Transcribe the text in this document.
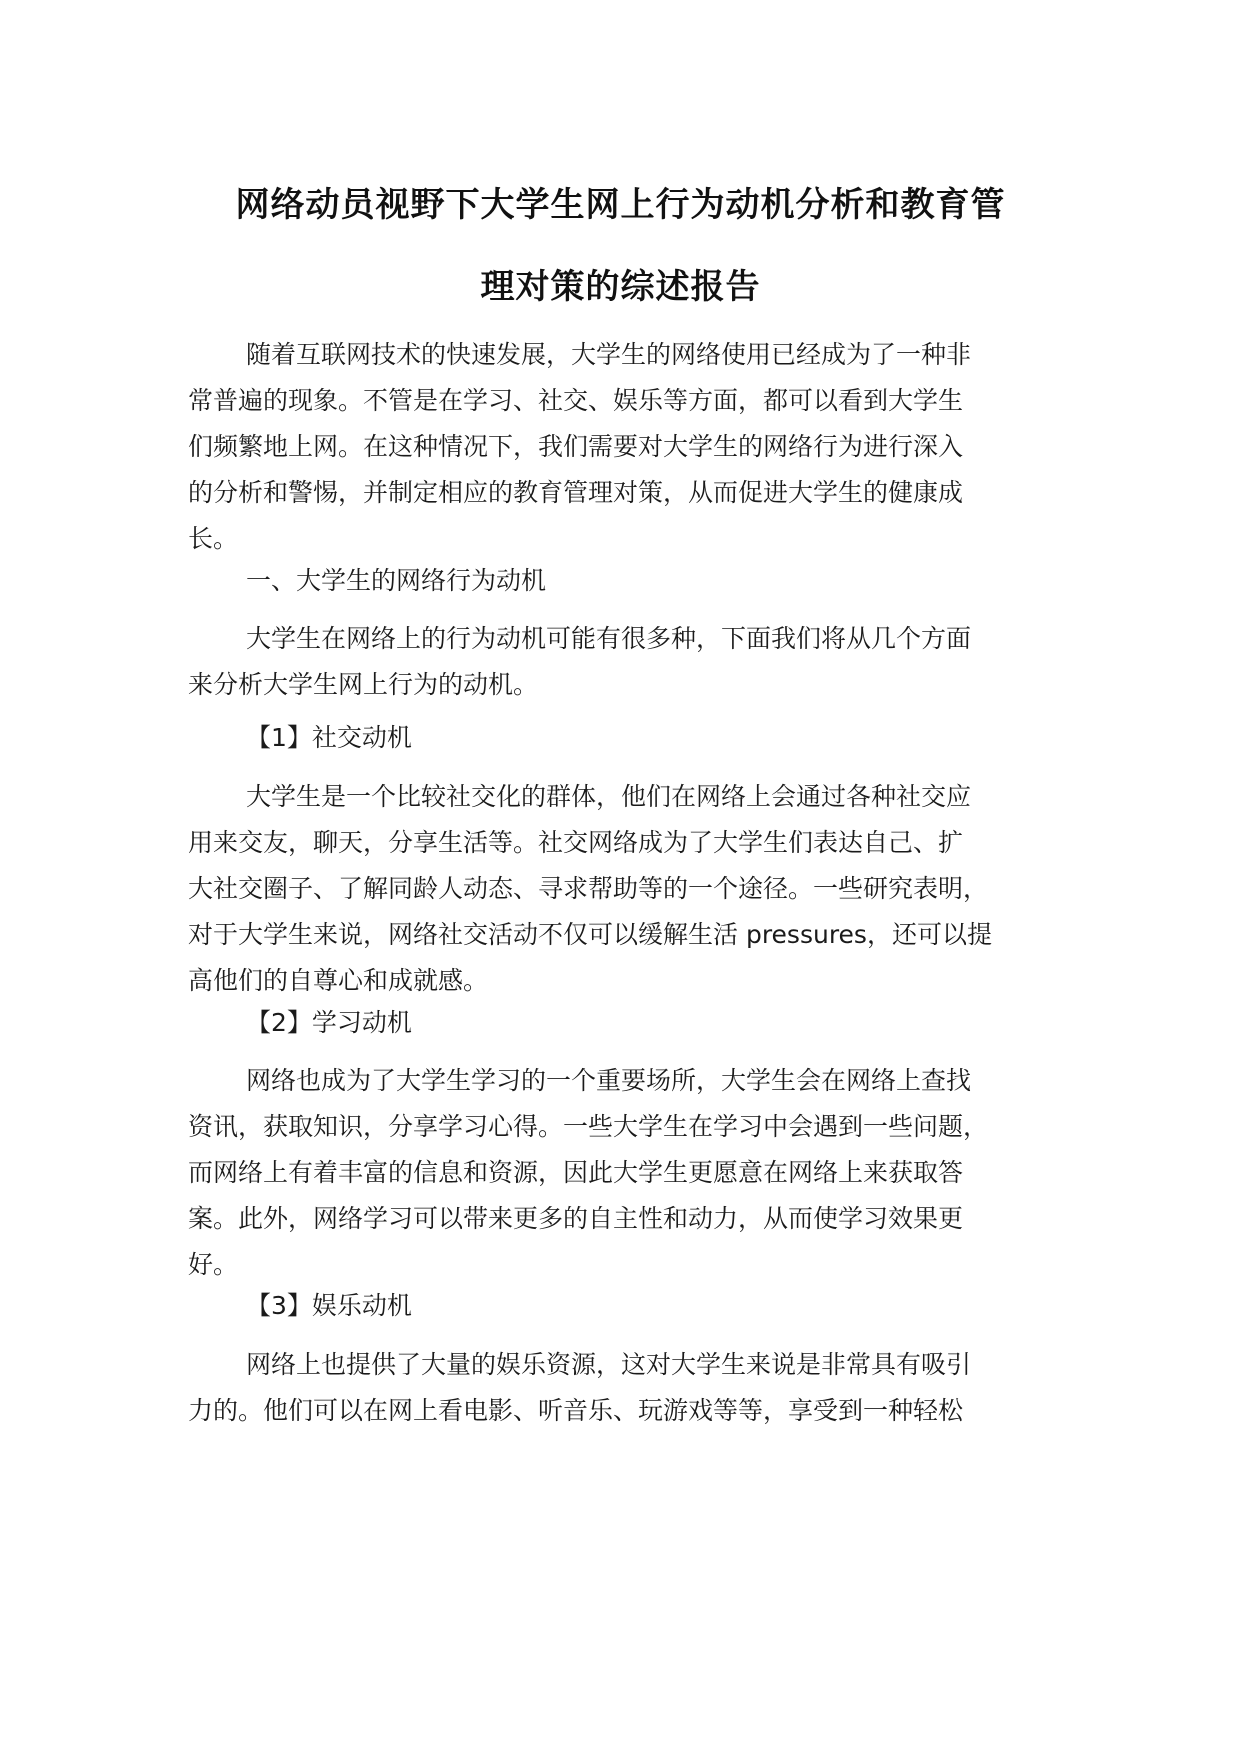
网络动员视野下大学生网上行为动机分析和教育管
理对策的综述报告
随着互联网技术的快速发展，大学生的网络使用已经成为了一种非
常普遍的现象。不管是在学习、社交、娱乐等方面，都可以看到大学生
们频繁地上网。在这种情况下，我们需要对大学生的网络行为进行深入
的分析和警惕，并制定相应的教育管理对策，从而促进大学生的健康成
长。
一、大学生的网络行为动机
大学生在网络上的行为动机可能有很多种，下面我们将从几个方面
来分析大学生网上行为的动机。
【1】社交动机
大学生是一个比较社交化的群体，他们在网络上会通过各种社交应
用来交友，聊天，分享生活等。社交网络成为了大学生们表达自己、扩
大社交圈子、了解同龄人动态、寻求帮助等的一个途径。一些研究表明，
对于大学生来说，网络社交活动不仅可以缓解生活 pressures，还可以提
高他们的自尊心和成就感。
【2】学习动机
网络也成为了大学生学习的一个重要场所，大学生会在网络上查找
资讯，获取知识，分享学习心得。一些大学生在学习中会遇到一些问题，
而网络上有着丰富的信息和资源，因此大学生更愿意在网络上来获取答
案。此外，网络学习可以带来更多的自主性和动力，从而使学习效果更
好。
【3】娱乐动机
网络上也提供了大量的娱乐资源，这对大学生来说是非常具有吸引
力的。他们可以在网上看电影、听音乐、玩游戏等等，享受到一种轻松
